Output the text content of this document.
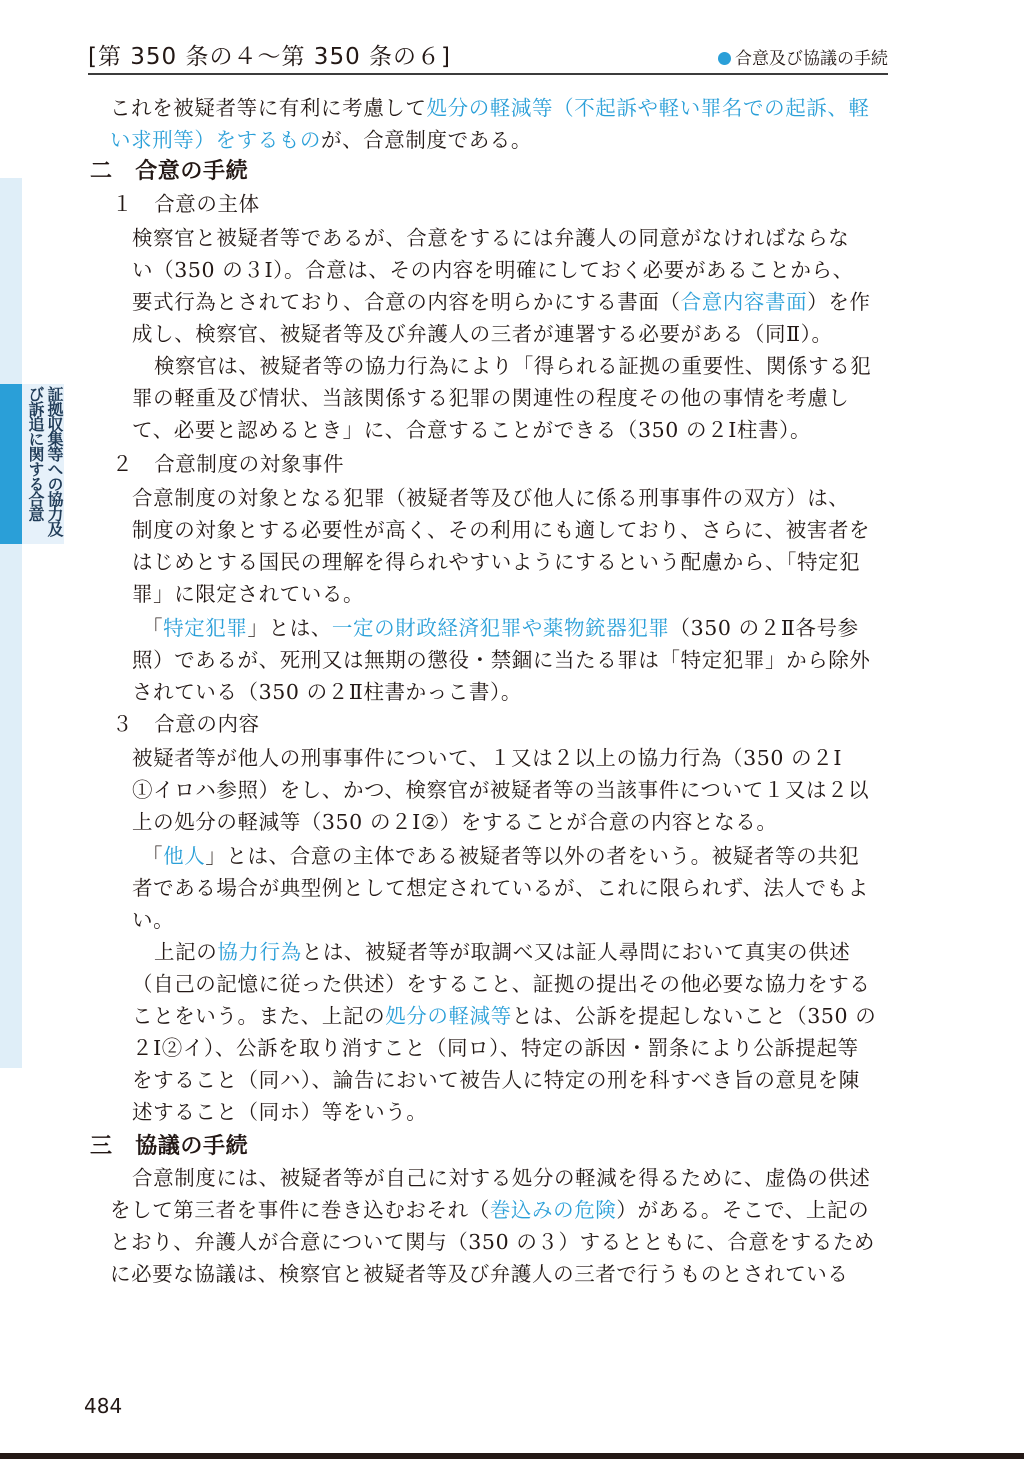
[第 350 条の４～第 350 条の６]	合意及び協議の手続
証拠収集等への協力及び訴追に関する合意
これを被疑者等に有利に考慮して処分の軽減等（不起訴や軽い罪名での起訴、軽
い求刑等）をするものが、合意制度である。
二　合意の手続
１　合意の主体
検察官と被疑者等であるが、合意をするには弁護人の同意がなければならな
い（350 の３Ⅰ）。合意は、その内容を明確にしておく必要があることから、
要式行為とされており、合意の内容を明らかにする書面（合意内容書面）を作
成し、検察官、被疑者等及び弁護人の三者が連署する必要がある（同Ⅱ）。
検察官は、被疑者等の協力行為により「得られる証拠の重要性、関係する犯
罪の軽重及び情状、当該関係する犯罪の関連性の程度その他の事情を考慮し
て、必要と認めるとき」に、合意することができる（350 の２Ⅰ柱書）。
２　合意制度の対象事件
合意制度の対象となる犯罪（被疑者等及び他人に係る刑事事件の双方）は、
制度の対象とする必要性が高く、その利用にも適しており、さらに、被害者を
はじめとする国民の理解を得られやすいようにするという配慮から、「特定犯
罪」に限定されている。
「特定犯罪」とは、一定の財政経済犯罪や薬物銃器犯罪（350 の２Ⅱ各号参
照）であるが、死刑又は無期の懲役・禁錮に当たる罪は「特定犯罪」から除外
されている（350 の２Ⅱ柱書かっこ書）。
３　合意の内容
被疑者等が他人の刑事事件について、１又は２以上の協力行為（350 の２Ⅰ
①イロハ参照）をし、かつ、検察官が被疑者等の当該事件について１又は２以
上の処分の軽減等（350 の２Ⅰ②）をすることが合意の内容となる。
「他人」とは、合意の主体である被疑者等以外の者をいう。被疑者等の共犯
者である場合が典型例として想定されているが、これに限られず、法人でもよ
い。
上記の協力行為とは、被疑者等が取調べ又は証人尋問において真実の供述
（自己の記憶に従った供述）をすること、証拠の提出その他必要な協力をする
ことをいう。また、上記の処分の軽減等とは、公訴を提起しないこと（350 の
２Ⅰ②イ）、公訴を取り消すこと（同ロ）、特定の訴因・罰条により公訴提起等
をすること（同ハ）、論告において被告人に特定の刑を科すべき旨の意見を陳
述すること（同ホ）等をいう。
三　協議の手続
合意制度には、被疑者等が自己に対する処分の軽減を得るために、虚偽の供述
をして第三者を事件に巻き込むおそれ（巻込みの危険）がある。そこで、上記の
とおり、弁護人が合意について関与（350 の３）するとともに、合意をするため
に必要な協議は、検察官と被疑者等及び弁護人の三者で行うものとされている
484
